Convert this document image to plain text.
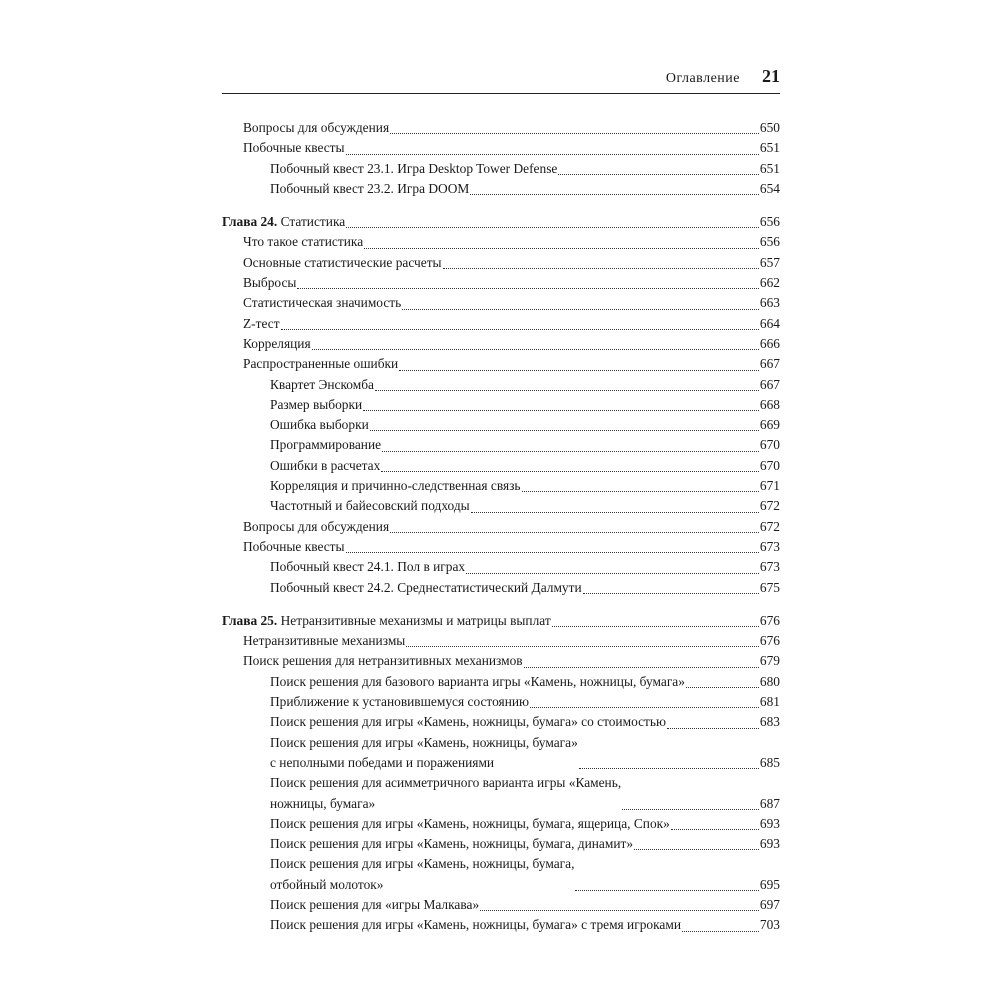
Оглавление 21
Вопросы для обсуждения	650
Побочные квесты	651
Побочный квест 23.1. Игра Desktop Tower Defense	651
Побочный квест 23.2. Игра DOOM	654
Глава 24. Статистика	656
Что такое статистика	656
Основные статистические расчеты	657
Выбросы	662
Статистическая значимость	663
Z-тест	664
Корреляция	666
Распространенные ошибки	667
Квартет Энскомба	667
Размер выборки	668
Ошибка выборки	669
Программирование	670
Ошибки в расчетах	670
Корреляция и причинно-следственная связь	671
Частотный и байесовский подходы	672
Вопросы для обсуждения	672
Побочные квесты	673
Побочный квест 24.1. Пол в играх	673
Побочный квест 24.2. Среднестатистический Далмути	675
Глава 25. Нетранзитивные механизмы и матрицы выплат	676
Нетранзитивные механизмы	676
Поиск решения для нетранзитивных механизмов	679
Поиск решения для базового варианта игры «Камень, ножницы, бумага»	680
Приближение к установившемуся состоянию	681
Поиск решения для игры «Камень, ножницы, бумага» со стоимостью	683
Поиск решения для игры «Камень, ножницы, бумага»
с неполными победами и поражениями	685
Поиск решения для асимметричного варианта игры «Камень,
ножницы, бумага»	687
Поиск решения для игры «Камень, ножницы, бумага, ящерица, Спок»	693
Поиск решения для игры «Камень, ножницы, бумага, динамит»	693
Поиск решения для игры «Камень, ножницы, бумага,
отбойный молоток»	695
Поиск решения для «игры Малкава»	697
Поиск решения для игры «Камень, ножницы, бумага» с тремя игроками	703
